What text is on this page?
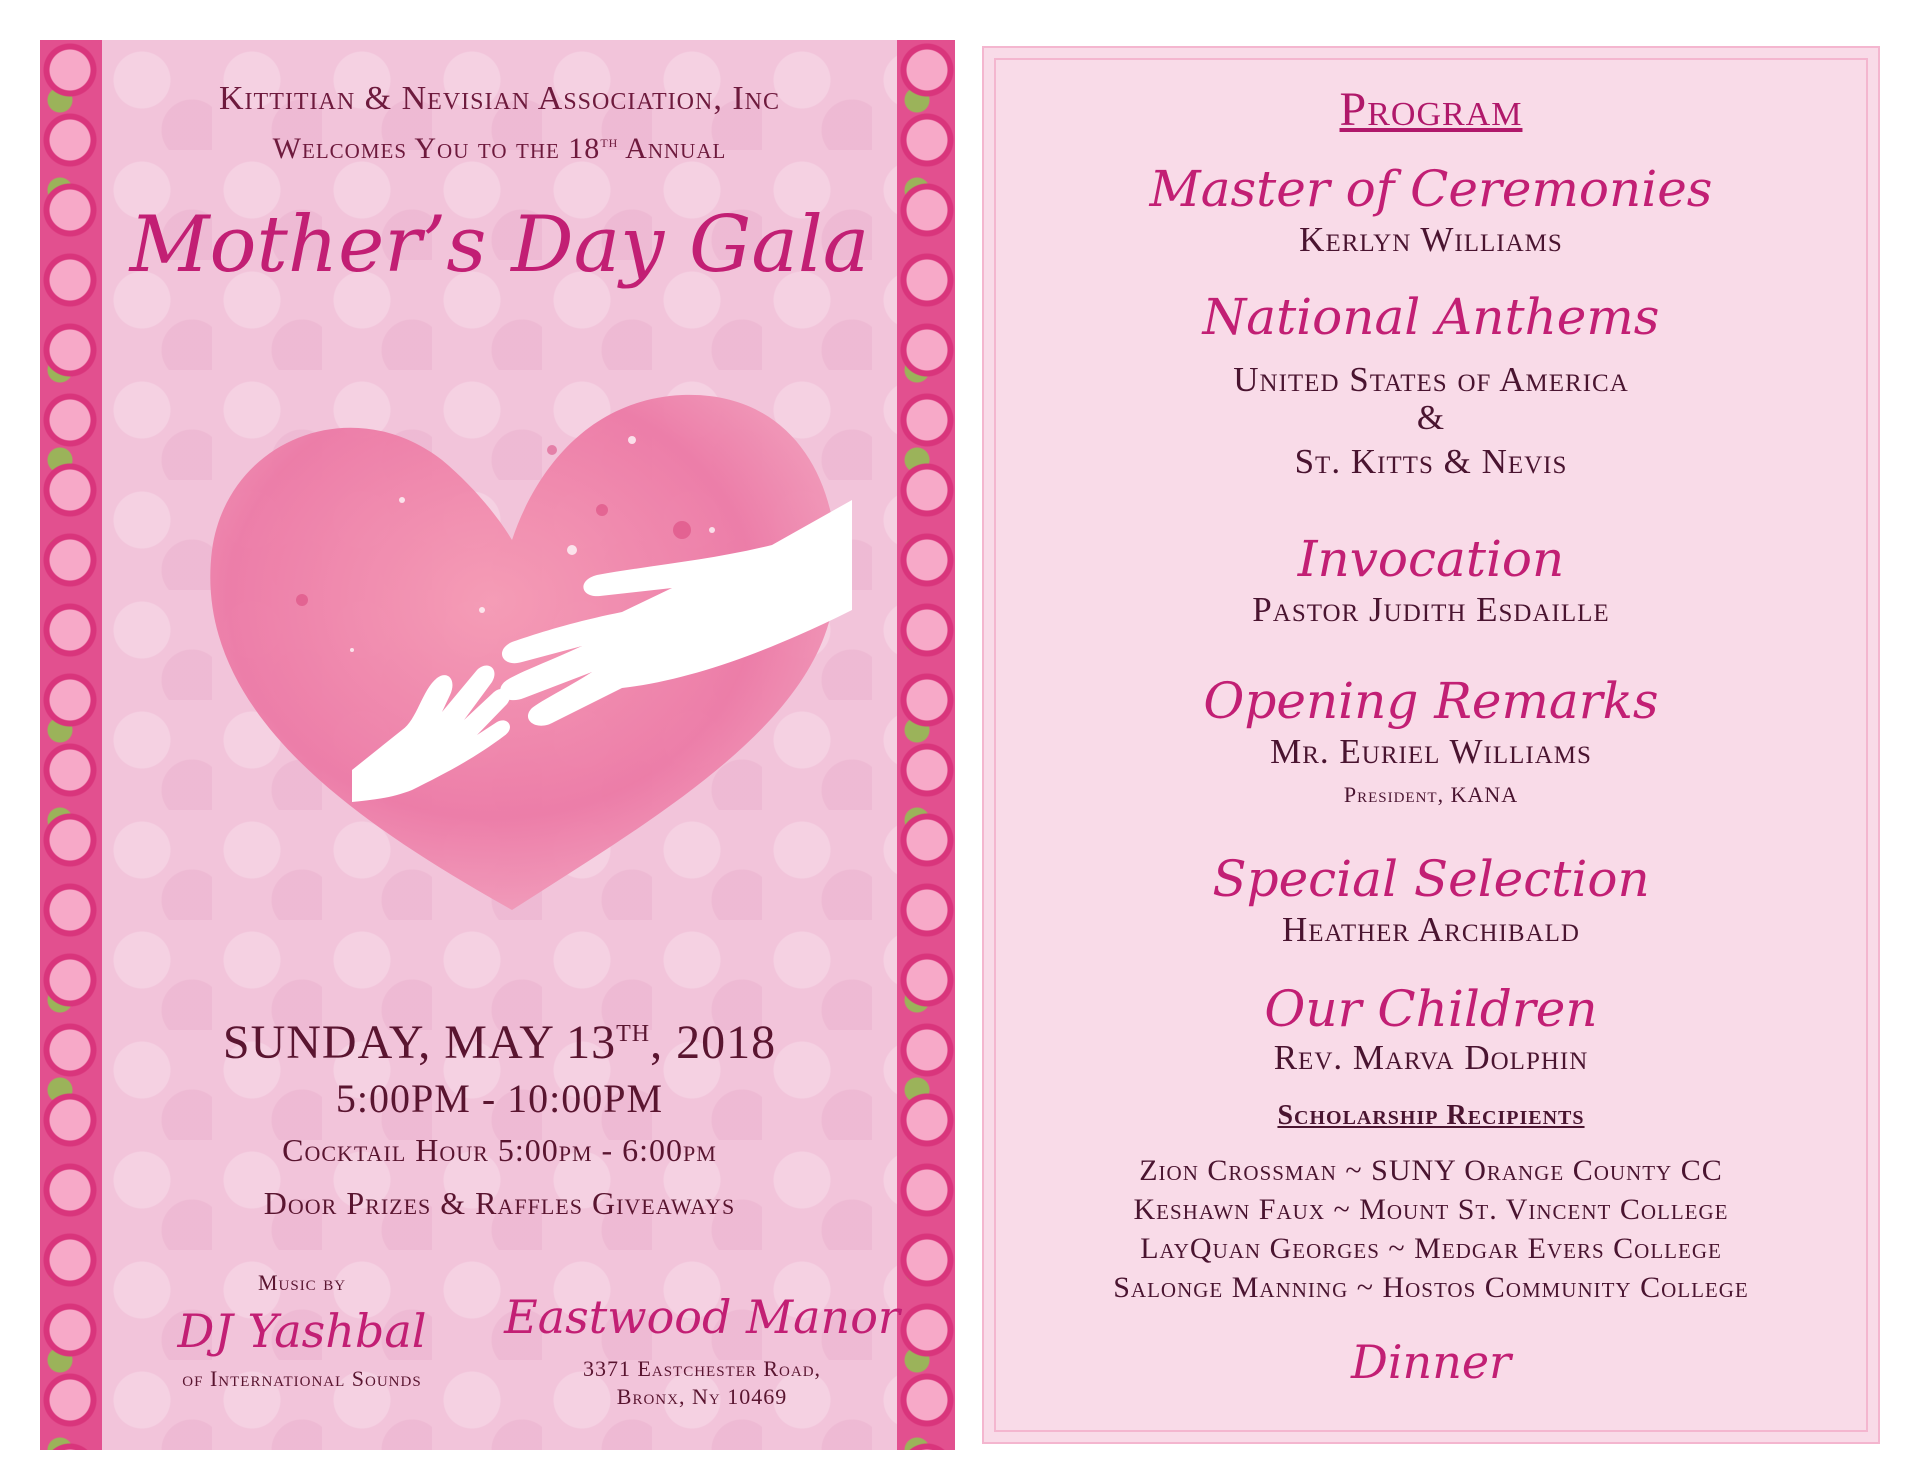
Kittitian & Nevisian Association, Inc
Welcomes You to the 18th Annual
Mother’s Day Gala
SUNDAY, MAY 13TH, 2018
5:00PM - 10:00PM
Cocktail Hour 5:00pm - 6:00pm
Door Prizes & Raffles Giveaways
Music by
DJ Yashbal
of International Sounds
Eastwood Manor
3371 Eastchester Road,
Bronx, Ny 10469
Program
Master of Ceremonies
Kerlyn Williams
National Anthems
United States of America
&
St. Kitts & Nevis
Invocation
Pastor Judith Esdaille
Opening Remarks
Mr. Euriel Williams
President, KANA
Special Selection
Heather Archibald
Our Children
Rev. Marva Dolphin
Scholarship Recipients
Zion Crossman ~ SUNY Orange County CC
Keshawn Faux ~ Mount St. Vincent College
LayQuan Georges ~ Medgar Evers College
Salonge Manning ~ Hostos Community College
Dinner
